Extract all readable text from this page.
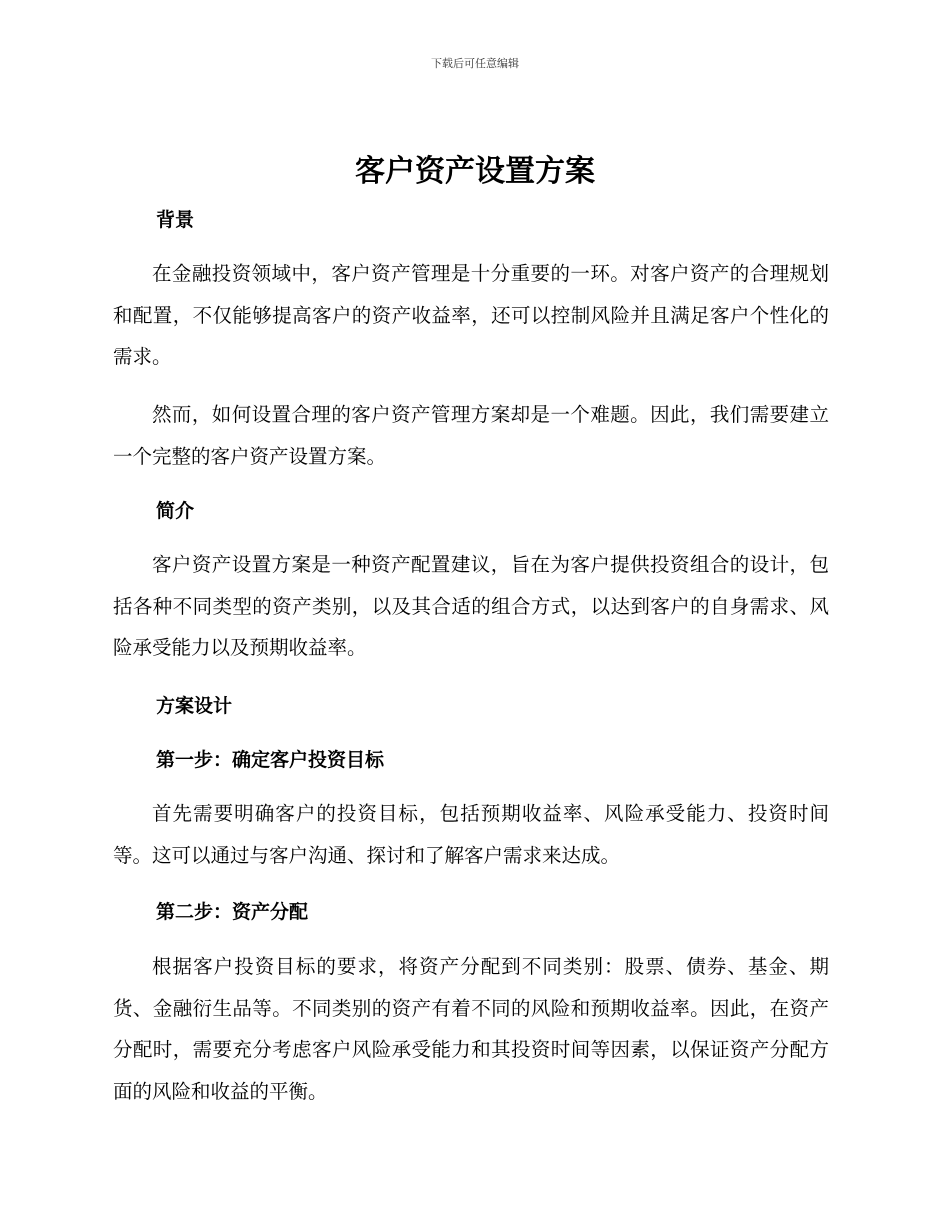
下载后可任意编辑
客户资产设置方案
背景

在金融投资领域中，客户资产管理是十分重要的一环。对客户资产的合理规划和配置，不仅能够提高客户的资产收益率，还可以控制风险并且满足客户个性化的需求。

然而，如何设置合理的客户资产管理方案却是一个难题。因此，我们需要建立一个完整的客户资产设置方案。

简介

客户资产设置方案是一种资产配置建议，旨在为客户提供投资组合的设计，包括各种不同类型的资产类别，以及其合适的组合方式，以达到客户的自身需求、风险承受能力以及预期收益率。

方案设计
第一步：确定客户投资目标

首先需要明确客户的投资目标，包括预期收益率、风险承受能力、投资时间等。这可以通过与客户沟通、探讨和了解客户需求来达成。

第二步：资产分配

根据客户投资目标的要求，将资产分配到不同类别：股票、债券、基金、期货、金融衍生品等。不同类别的资产有着不同的风险和预期收益率。因此，在资产分配时，需要充分考虑客户风险承受能力和其投资时间等因素，以保证资产分配方面的风险和收益的平衡。
